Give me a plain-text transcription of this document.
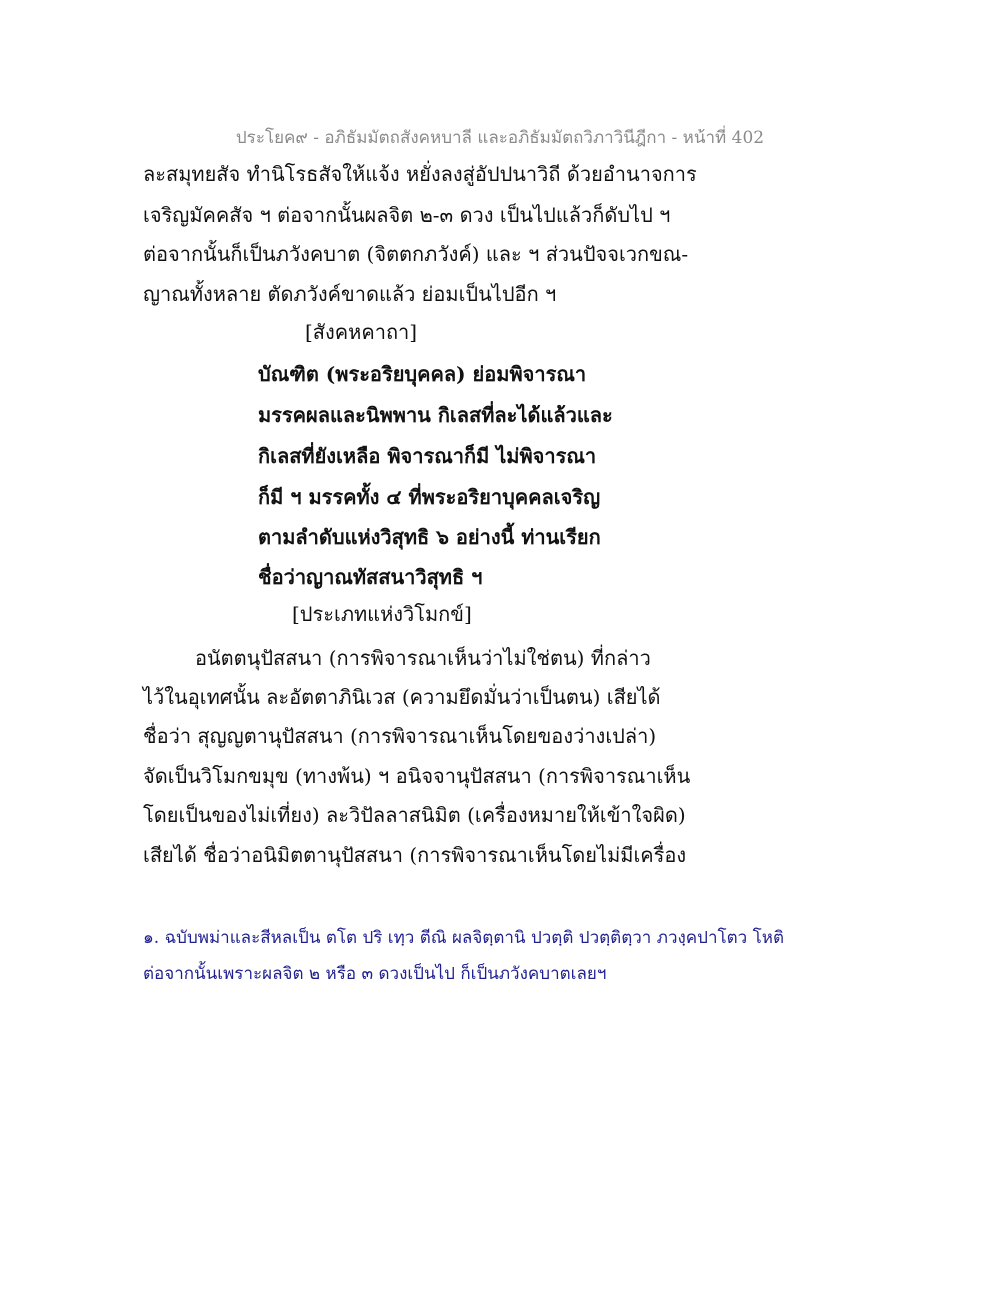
ประโยค๙ - อภิธัมมัตถสังคหบาลี และอภิธัมมัตถวิภาวินีฎีกา - หน้าที่ 402
ละสมุทยสัจ ทำนิโรธสัจให้แจ้ง หยั่งลงสู่อัปปนาวิถี ด้วยอำนาจการ
เจริญมัคคสัจ ฯ ต่อจากนั้นผลจิต ๒-๓ ดวง เป็นไปแล้วก็ดับไป ฯ
ต่อจากนั้นก็เป็นภวังคบาต (จิตตกภวังค์) และ ฯ ส่วนปัจจเวกขณ-
ญาณทั้งหลาย ตัดภวังค์ขาดแล้ว ย่อมเป็นไปอีก ฯ
[สังคหคาถา]
บัณฑิต (พระอริยบุคคล) ย่อมพิจารณา
มรรคผลและนิพพาน กิเลสที่ละได้แล้วและ
กิเลสที่ยังเหลือ พิจารณาก็มี ไม่พิจารณา
ก็มี ฯ มรรคทั้ง ๔ ที่พระอริยาบุคคลเจริญ
ตามลำดับแห่งวิสุทธิ ๖ อย่างนี้ ท่านเรียก
ชื่อว่าญาณทัสสนาวิสุทธิ ฯ
[ประเภทแห่งวิโมกข์]
อนัตตนุปัสสนา (การพิจารณาเห็นว่าไม่ใช่ตน) ที่กล่าว
ไว้ในอุเทศนั้น ละอัตตาภินิเวส (ความยึดมั่นว่าเป็นตน) เสียได้
ชื่อว่า สุญญตานุปัสสนา (การพิจารณาเห็นโดยของว่างเปล่า)
จัดเป็นวิโมกขมุข (ทางพ้น) ฯ อนิจจานุปัสสนา (การพิจารณาเห็น
โดยเป็นของไม่เที่ยง) ละวิปัลลาสนิมิต (เครื่องหมายให้เข้าใจผิด)
เสียได้ ชื่อว่าอนิมิตตานุปัสสนา (การพิจารณาเห็นโดยไม่มีเครื่อง
๑. ฉบับพม่าและสีหลเป็น ตโต ปริ เทฺว ตีณิ ผลจิตฺตานิ ปวตฺติ ปวตฺติตฺวา ภวงฺคปาโตว โหติ
ต่อจากนั้นเพราะผลจิต ๒ หรือ ๓ ดวงเป็นไป ก็เป็นภวังคบาตเลยฯ
